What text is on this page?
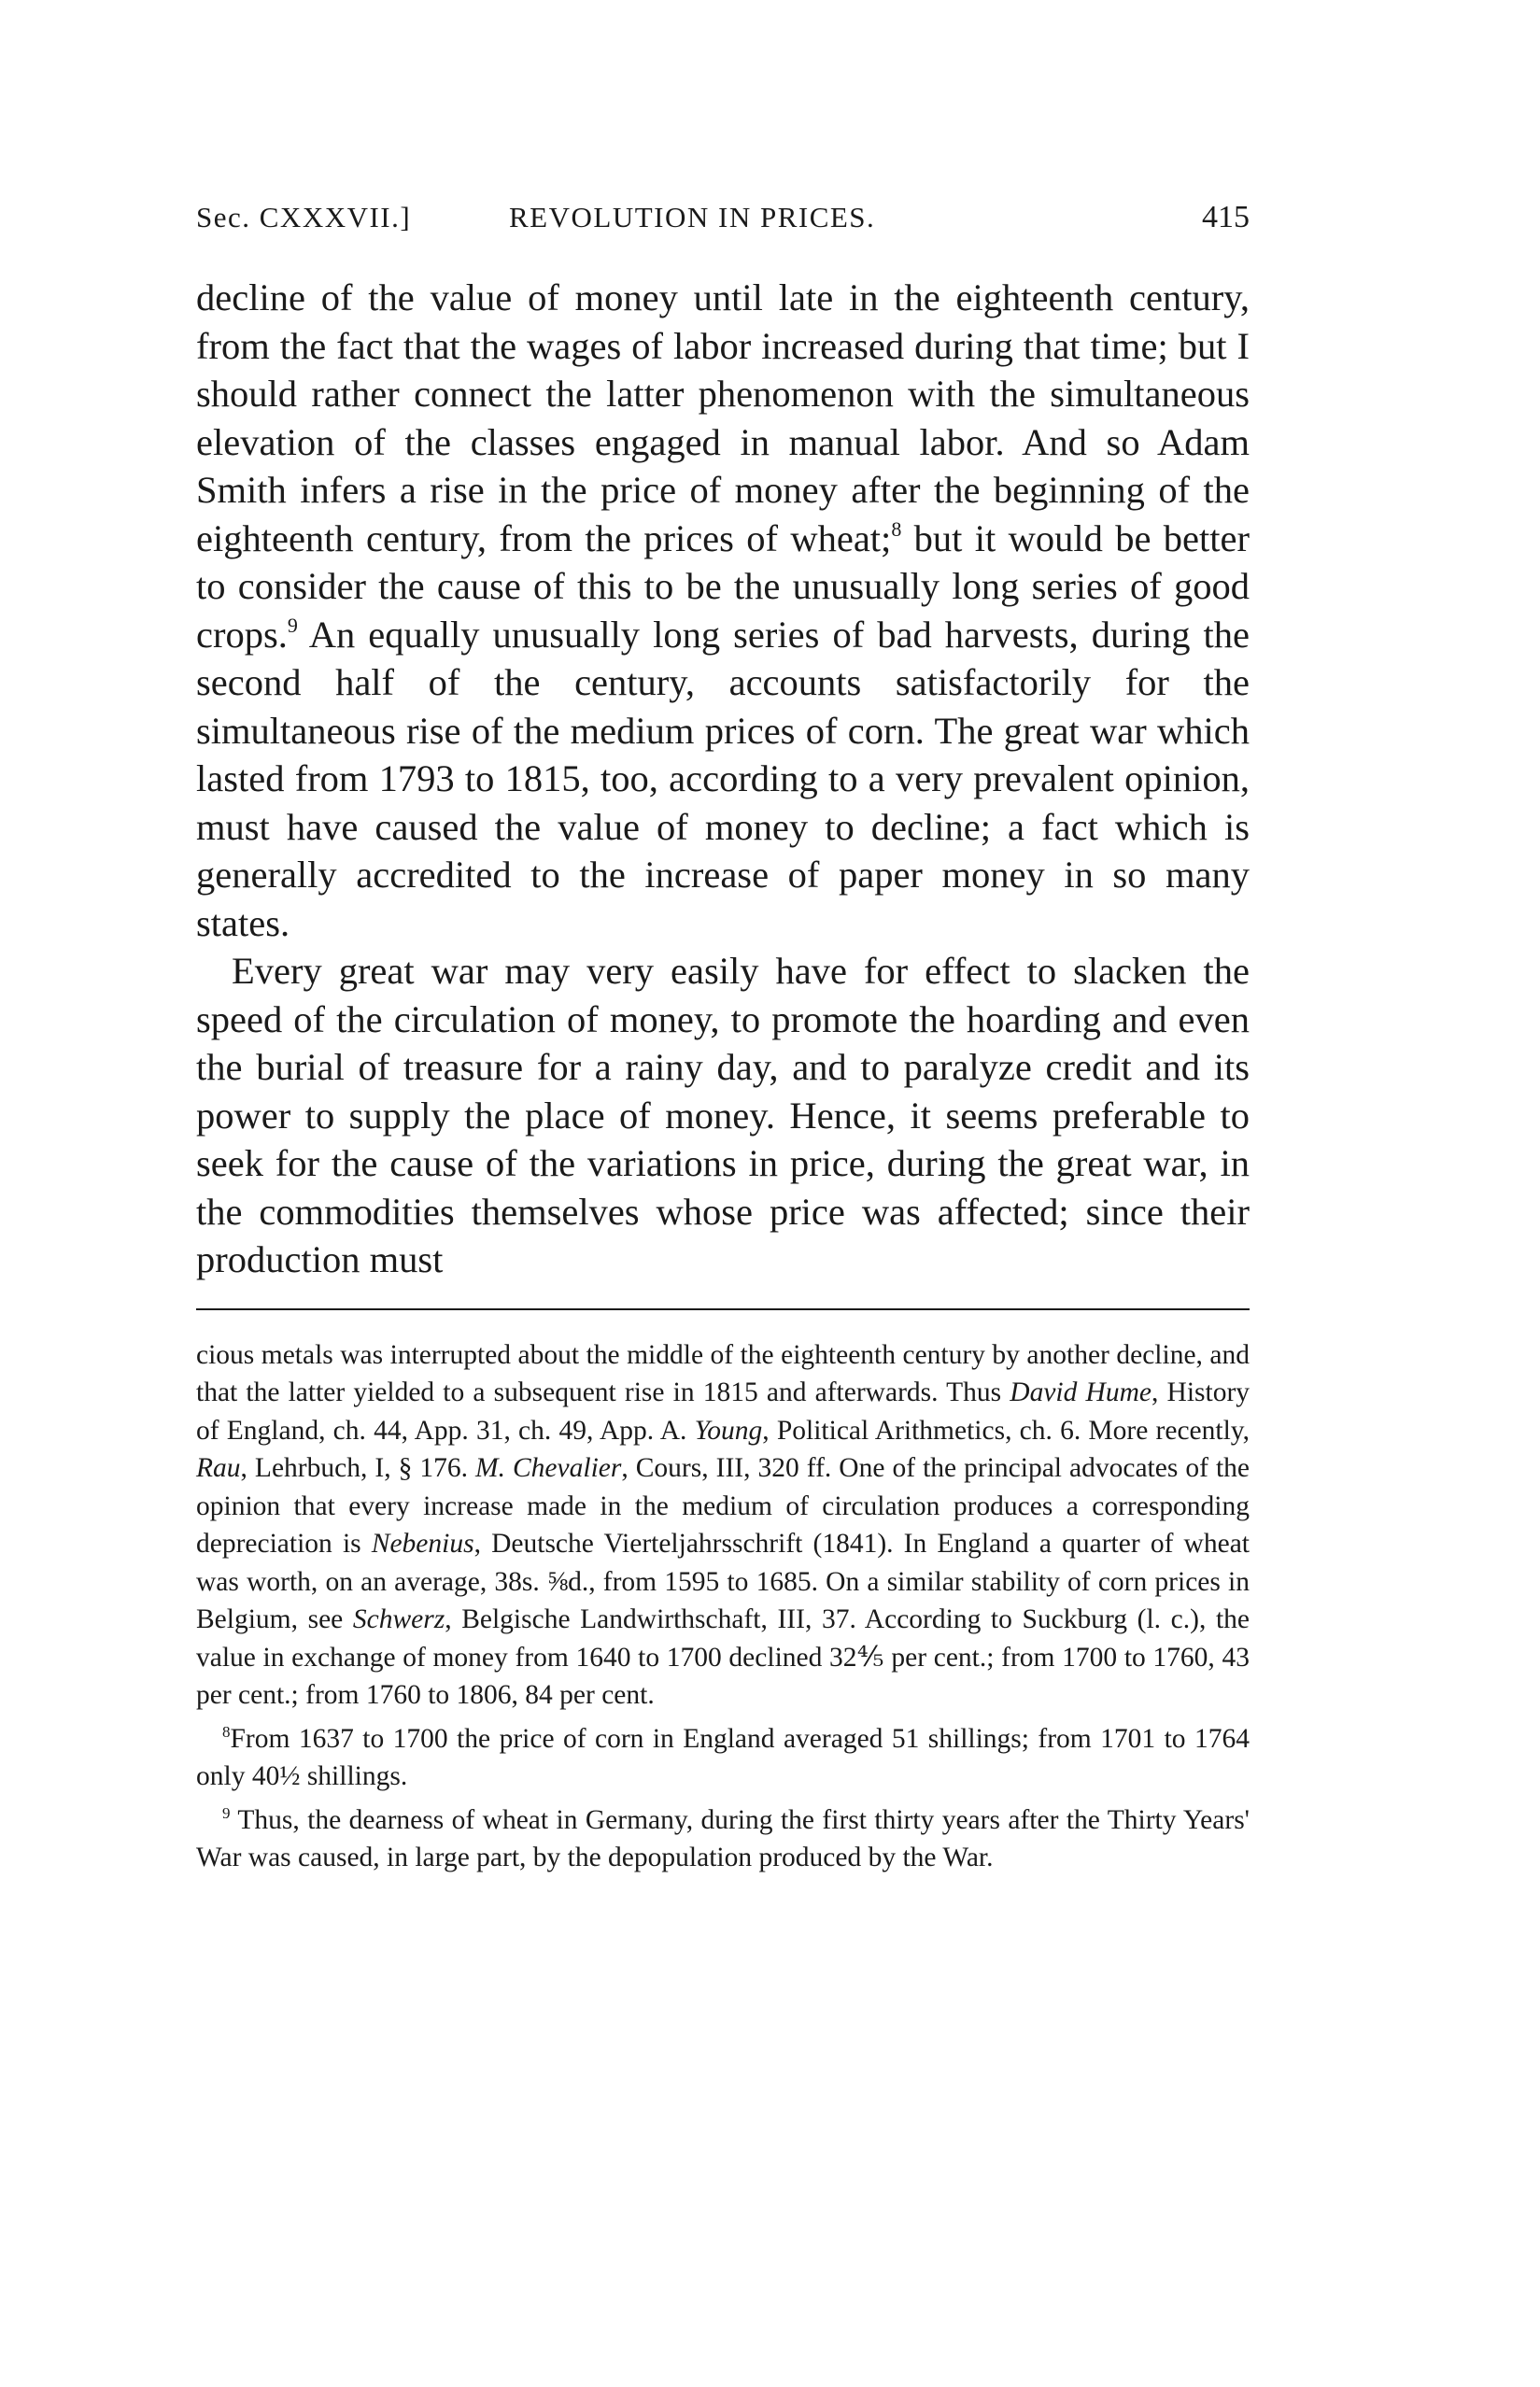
Sec. CXXXVII.]	REVOLUTION IN PRICES.	415

decline of the value of money until late in the eighteenth century, from the fact that the wages of labor increased during that time; but I should rather connect the latter phenomenon with the simultaneous elevation of the classes engaged in manual labor. And so Adam Smith infers a rise in the price of money after the beginning of the eighteenth century, from the prices of wheat;$^8$ but it would be better to consider the cause of this to be the unusually long series of good crops.$^9$ An equally unusually long series of bad harvests, during the second half of the century, accounts satisfactorily for the simultaneous rise of the medium prices of corn. The great war which lasted from 1793 to 1815, too, according to a very prevalent opinion, must have caused the value of money to decline; a fact which is generally accredited to the increase of paper money in so many states.

Every great war may very easily have for effect to slacken the speed of the circulation of money, to promote the hoarding and even the burial of treasure for a rainy day, and to paralyze credit and its power to supply the place of money. Hence, it seems preferable to seek for the cause of the variations in price, during the great war, in the commodities themselves whose price was affected; since their production must

cious metals was interrupted about the middle of the eighteenth century by another decline, and that the latter yielded to a subsequent rise in 1815 and afterwards. Thus David Hume, History of England, ch. 44, App. 31, ch. 49, App. A. Young, Political Arithmetics, ch. 6. More recently, Rau, Lehrbuch, I, § 176. M. Chevalier, Cours, III, 320 ff. One of the principal advocates of the opinion that every increase made in the medium of circulation produces a corresponding depreciation is Nebenius, Deutsche Vierteljahrsschrift (1841). In England a quarter of wheat was worth, on an average, 38s. ⅝d., from 1595 to 1685. On a similar stability of corn prices in Belgium, see Schwerz, Belgische Landwirthschaft, III, 37. According to Suckburg (l. c.), the value in exchange of money from 1640 to 1700 declined 32⅘ per cent.; from 1700 to 1760, 43 per cent.; from 1760 to 1806, 84 per cent.

$^8$From 1637 to 1700 the price of corn in England averaged 51 shillings; from 1701 to 1764 only 40½ shillings.

$^9$ Thus, the dearness of wheat in Germany, during the first thirty years after the Thirty Years' War was caused, in large part, by the depopulation produced by the War.
